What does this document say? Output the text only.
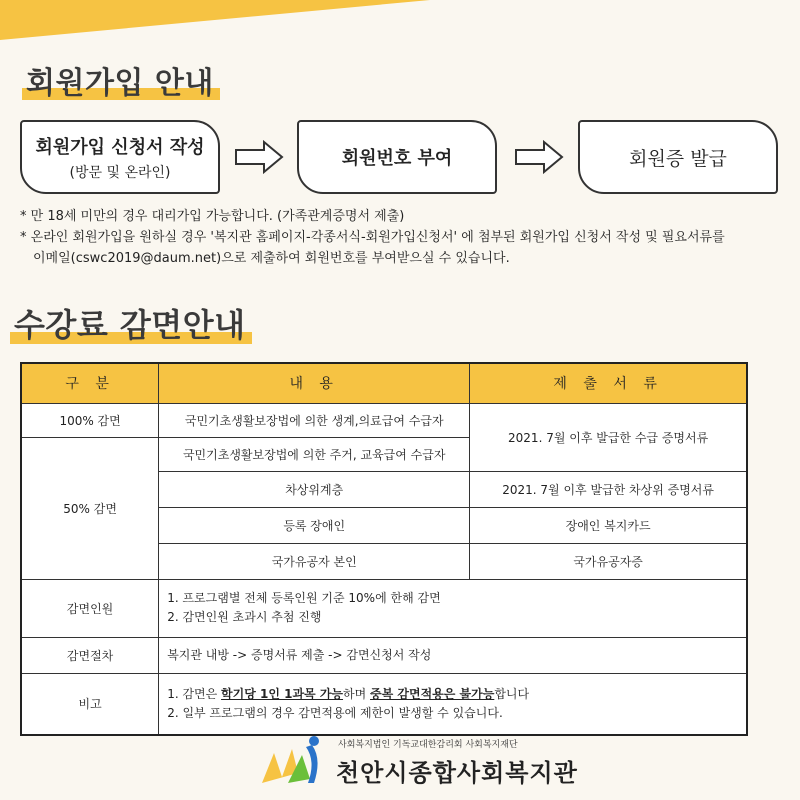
회원가입 안내
회원가입 신청서 작성
(방문 및 온라인)
회원번호 부여	회원증 발급
* 만 18세 미만의 경우 대리가입 가능합니다. (가족관계증명서 제출)
* 온라인 회원가입을 원하실 경우 '복지관 홈페이지-각종서식-회원가입신청서' 에 첨부된 회원가입 신청서 작성 및 필요서류를
이메일(cswc2019@daum.net)으로 제출하여 회원번호를 부여받으실 수 있습니다.
수강료 감면안내
구 분	내 용	제 출 서 류
100% 감면	국민기초생활보장법에 의한 생계,의료급여 수급자	2021. 7월 이후 발급한 수급 증명서류
50% 감면	국민기초생활보장법에 의한 주거, 교육급여 수급자	
	차상위계층	2021. 7월 이후 발급한 차상위 증명서류
	등록 장애인	장애인 복지카드
	국가유공자 본인	국가유공자증
감면인원	1. 프로그램별 전체 등록인원 기준 10%에 한해 감면
2. 감면인원 초과시 추첨 진행	

감면절차	복지관 내방 -> 증명서류 제출 -> 감면신청서 작성	
비고	1. 감면은 학기당 1인 1과목 가능하며 중복 감면적용은 불가능합니다
2. 일부 프로그램의 경우 감면적용에 제한이 발생할 수 있습니다.	
사회복지법인 기독교대한감리회 사회복지재단
천안시종합사회복지관
